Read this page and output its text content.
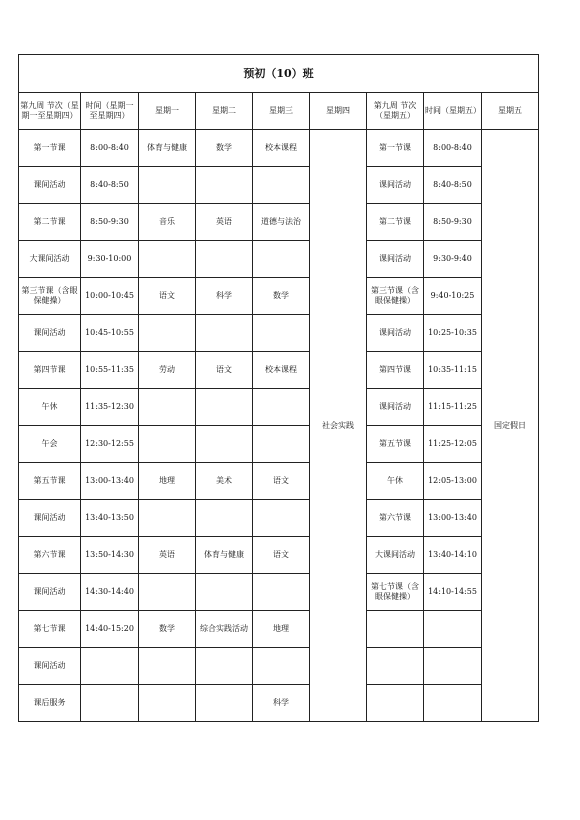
预初（10）班								
第九周 节次（星期一至星期四）	时间（星期一至星期四）	星期一	星期二	星期三	星期四	第九周 节次（星期五）	时间（星期五）	星期五
第一节课	8:00-8:40	体育与健康	数学	校本课程	社会实践	第一节课	8:00-8:40	国定假日
课间活动	8:40-8:50					课间活动	8:40-8:50	
第二节课	8:50-9:30	音乐	英语	道德与法治		第二节课	8:50-9:30	
大课间活动	9:30-10:00					课间活动	9:30-9:40	
第三节课（含眼保健操）	10:00-10:45	语文	科学	数学		第三节课（含眼保健操）	9:40-10:25	
课间活动	10:45-10:55					课间活动	10:25-10:35	
第四节课	10:55-11:35	劳动	语文	校本课程		第四节课	10:35-11:15	
午休	11:35-12:30					课间活动	11:15-11:25	
午会	12:30-12:55					第五节课	11:25-12:05	
第五节课	13:00-13:40	地理	美术	语文		午休	12:05-13:00	
课间活动	13:40-13:50					第六节课	13:00-13:40	
第六节课	13:50-14:30	英语	体育与健康	语文		大课间活动	13:40-14:10	
课间活动	14:30-14:40					第七节课（含眼保健操）	14:10-14:55	
第七节课	14:40-15:20	数学	综合实践活动	地理				
课间活动								
课后服务				科学				
